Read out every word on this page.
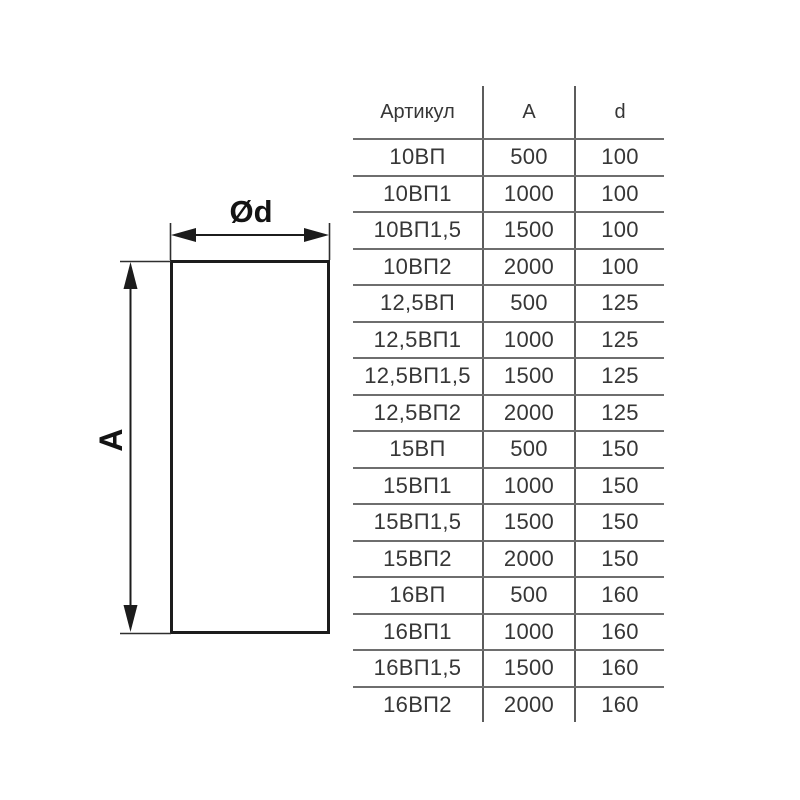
Ød
A
Артикул	A	d
10ВП	500	100
10ВП1	1000	100
10ВП1,5	1500	100
10ВП2	2000	100
12,5ВП	500	125
12,5ВП1	1000	125
12,5ВП1,5	1500	125
12,5ВП2	2000	125
15ВП	500	150
15ВП1	1000	150
15ВП1,5	1500	150
15ВП2	2000	150
16ВП	500	160
16ВП1	1000	160
16ВП1,5	1500	160
16ВП2	2000	160
